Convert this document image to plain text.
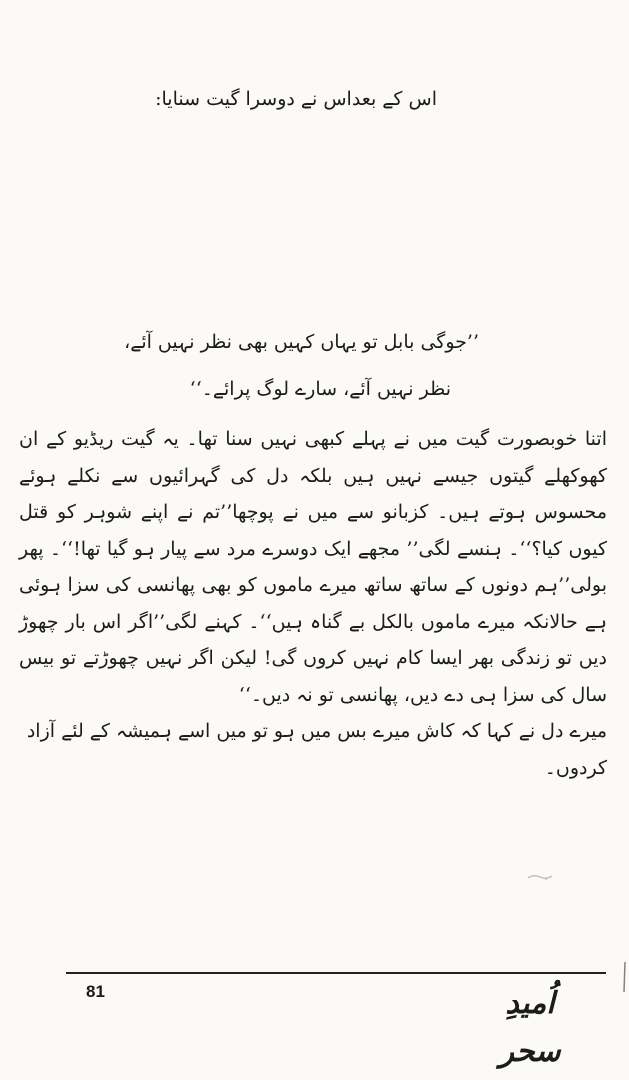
اس کے بعداس نے دوسرا گیت سنایا:
’’جوگی بابل تو یہاں کہیں بھی نظر نہیں آئے،
نظر نہیں آئے، سارے لوگ پرائے۔‘‘

اتنا خوبصورت گیت میں نے پہلے کبھی نہیں سنا تھا۔ یہ گیت ریڈیو کے ان کھوکھلے گیتوں جیسے نہیں ہیں بلکہ دل کی گہرائیوں سے نکلے ہوئے محسوس ہوتے ہیں۔ کزبانو سے میں نے پوچھا’’تم نے اپنے شوہر کو قتل کیوں کیا؟‘‘۔ ہنسے لگی’’ مجھے ایک دوسرے مرد سے پیار ہو گیا تھا!‘‘۔ پھر بولی’’ہم دونوں کے ساتھ ساتھ میرے ماموں کو بھی پھانسی کی سزا ہوئی ہے حالانکہ میرے ماموں بالکل بے گناہ ہیں‘‘۔ کہنے لگی’’اگر اس بار چھوڑ دیں تو زندگی بھر ایسا کام نہیں کروں گی! لیکن اگر نہیں چھوڑتے تو بیس سال کی سزا ہی دے دیں، پھانسی تو نہ دیں۔‘‘

میرے دل نے کہا کہ کاش میرے بس میں ہو تو میں اسے ہمیشہ کے لئے آزاد کردوں۔

81	اُمیدِ سحر
